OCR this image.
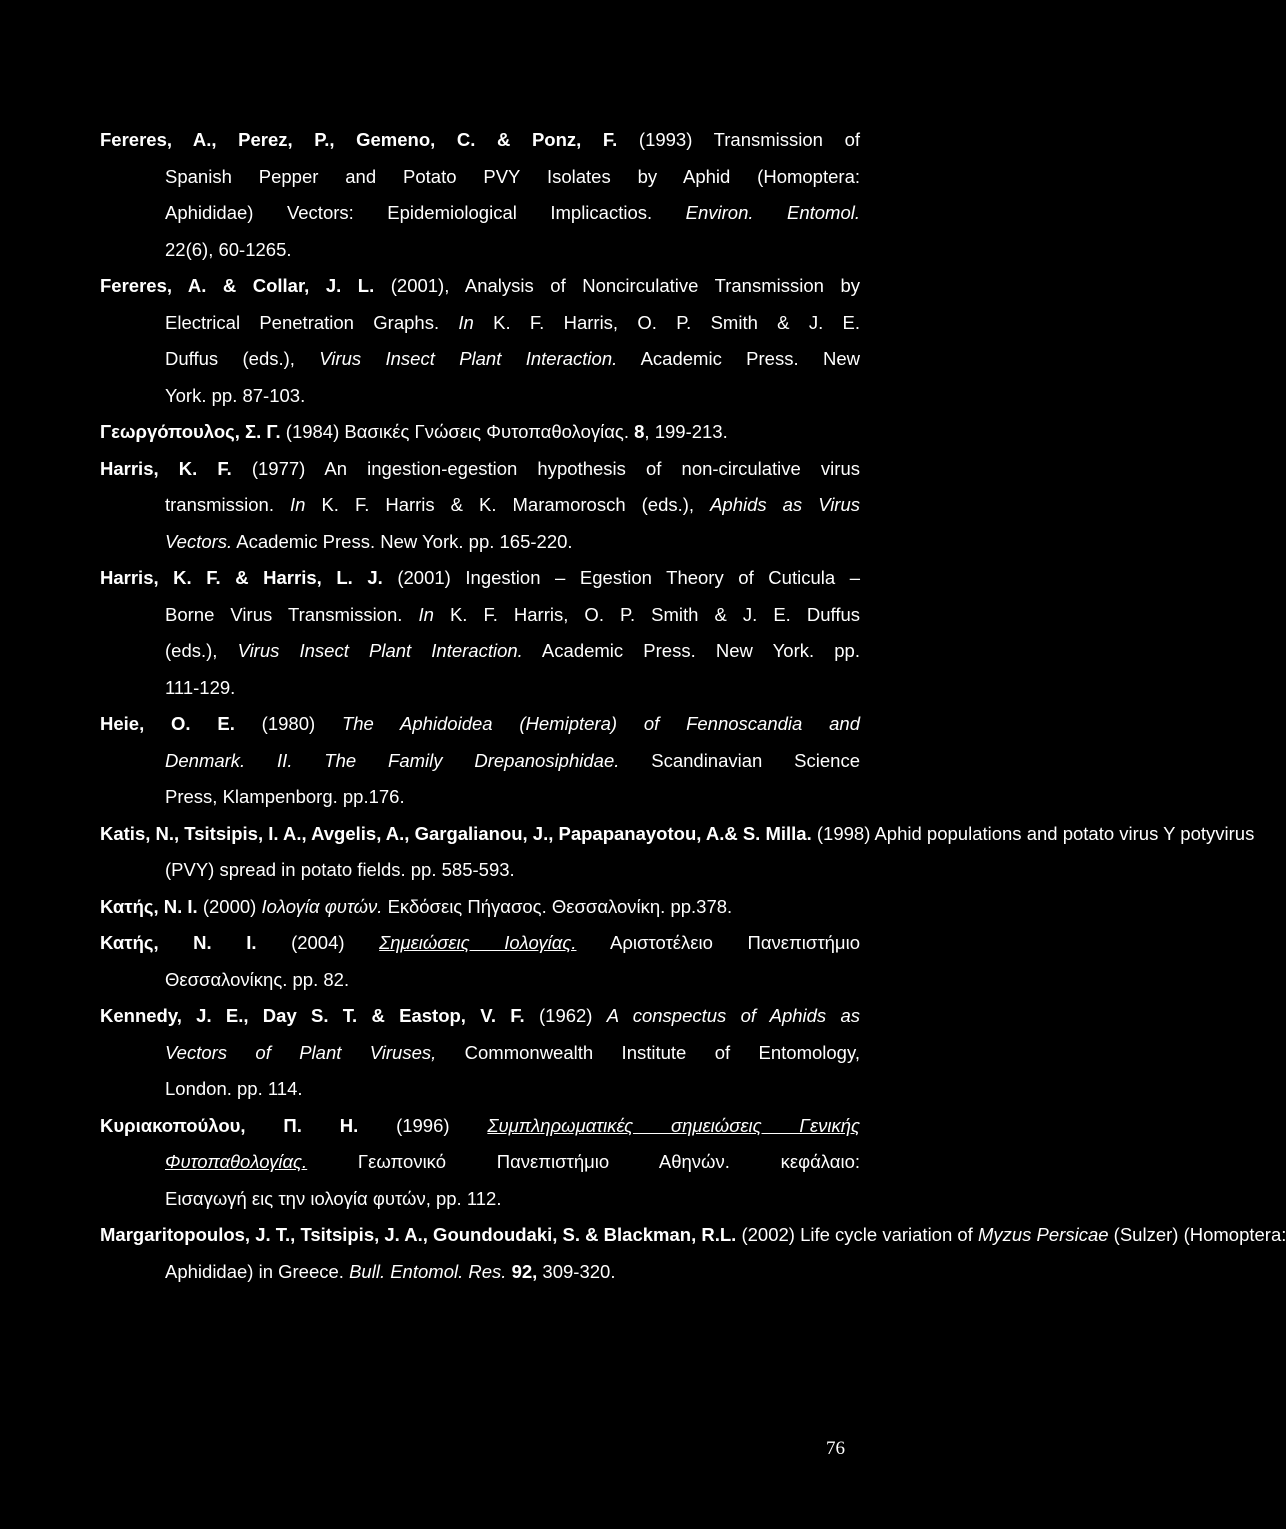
Fereres, A., Perez, P., Gemeno, C. & Ponz, F. (1993) Transmission of
Spanish Pepper and Potato PVY Isolates by Aphid (Homoptera:
Aphididae) Vectors: Epidemiological Implicactios. Environ. Entomol.
22(6), 60-1265.
Fereres, A. & Collar, J. L. (2001), Analysis of Noncirculative Transmission by
Electrical Penetration Graphs. In K. F. Harris, O. P. Smith & J. E.
Duffus (eds.), Virus Insect Plant Interaction. Academic Press. New
York. pp. 87-103.
Γεωργόπουλος, Σ. Γ. (1984) Βασικές Γνώσεις Φυτοπαθολογίας. 8, 199-213.
Harris, K. F. (1977) An ingestion-egestion hypothesis of non-circulative virus
transmission. In K. F. Harris & K. Maramorosch (eds.), Aphids as Virus
Vectors. Academic Press. New York. pp. 165-220.
Harris, K. F. & Harris, L. J. (2001) Ingestion – Egestion Theory of Cuticula –
Borne Virus Transmission. In K. F. Harris, O. P. Smith & J. E. Duffus
(eds.), Virus Insect Plant Interaction. Academic Press. New York. pp.
111-129.
Heie, O. E. (1980) The Aphidoidea (Hemiptera) of Fennoscandia and
Denmark. II. The Family Drepanosiphidae. Scandinavian Science
Press, Klampenborg. pp.176.
Katis, N., Tsitsipis, I. A., Avgelis, A., Gargalianou, J., Papapanayotou, A.& S. Milla. (1998) Aphid populations and potato virus Y potyvirus
(PVY) spread in potato fields. pp. 585-593.
Κατής, Ν. Ι. (2000) Ιολογία φυτών. Εκδόσεις Πήγασος. Θεσσαλονίκη. pp.378.
Κατής, Ν. Ι. (2004) Σημειώσεις Ιολογίας. Αριστοτέλειο Πανεπιστήμιο
Θεσσαλονίκης. pp. 82.
Kennedy, J. E., Day S. T. & Eastop, V. F. (1962) A conspectus of Aphids as
Vectors of Plant Viruses, Commonwealth Institute of Entomology,
London. pp. 114.
Κυριακοπούλου, Π. Η. (1996) Συμπληρωματικές σημειώσεις Γενικής
Φυτοπαθολογίας. Γεωπονικό Πανεπιστήμιο Αθηνών. κεφάλαιο:
Εισαγωγή εις την ιολογία φυτών, pp. 112.
Margaritopoulos, J. T., Tsitsipis, J. A., Goundoudaki, S. & Blackman, R.L. (2002) Life cycle variation of Myzus Persicae (Sulzer) (Homoptera:
Aphididae) in Greece. Bull. Entomol. Res. 92, 309-320.
76
